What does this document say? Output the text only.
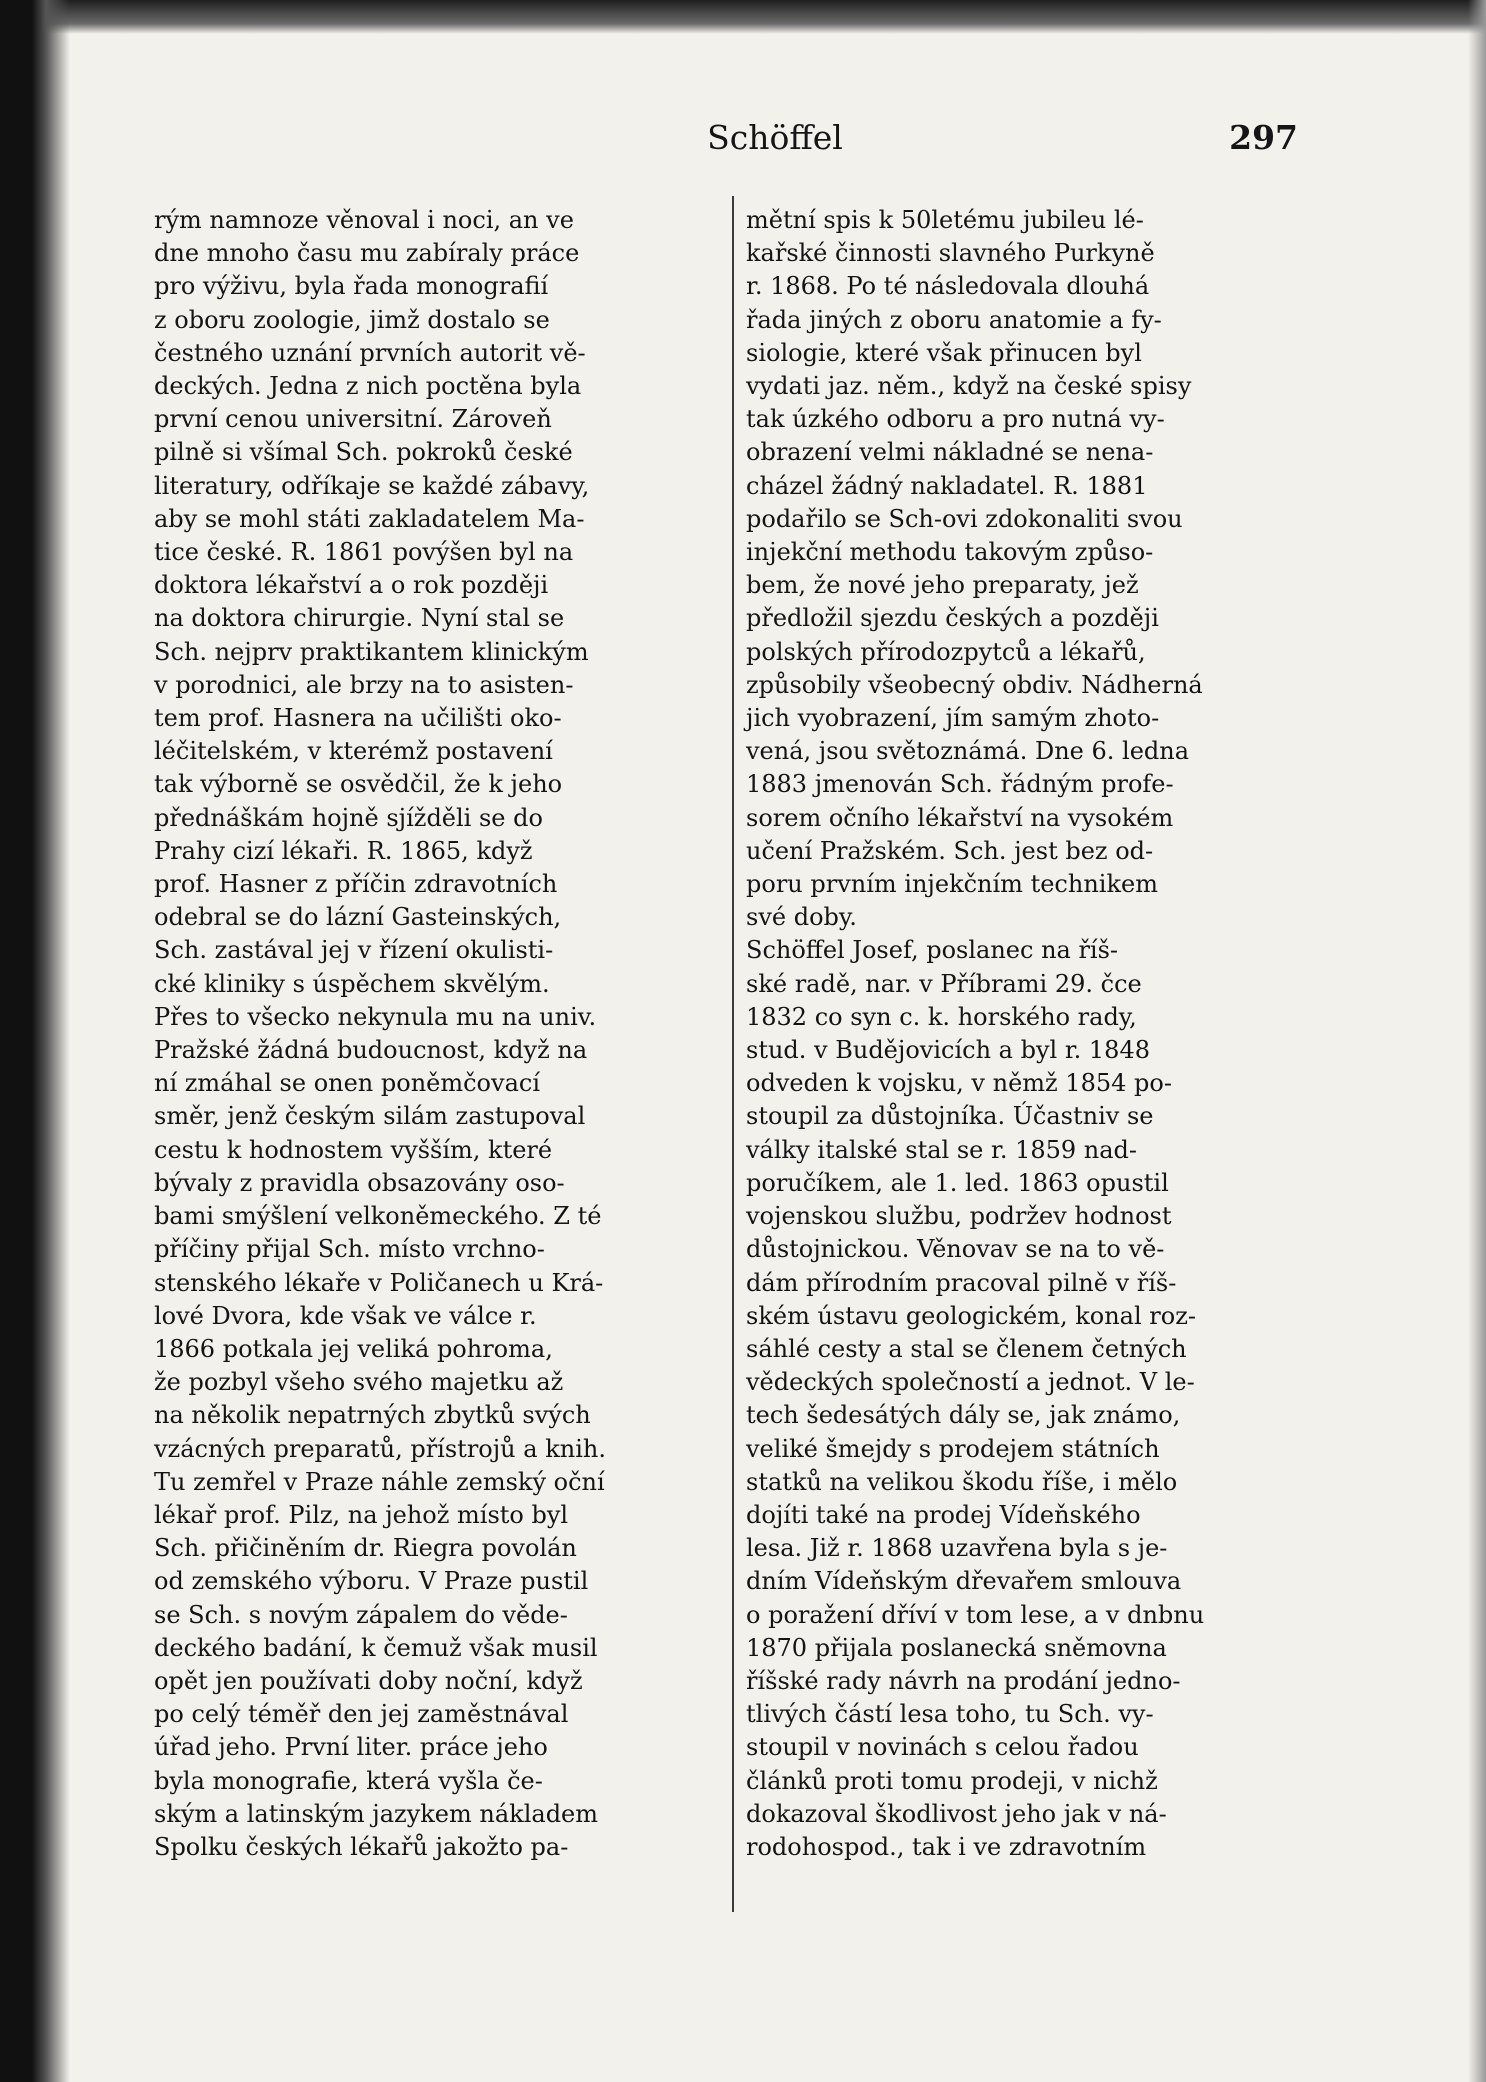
Schöffel	297
rým namnoze věnoval i noci, an ve
dne mnoho času mu zabíraly práce
pro výživu, byla řada monografií
z oboru zoologie, jimž dostalo se
čestného uznání prvních autorit vě-
deckých. Jedna z nich poctěna byla
první cenou universitní. Zároveň
pilně si všímal Sch. pokroků české
literatury, odříkaje se každé zábavy,
aby se mohl státi zakladatelem Ma-
tice české. R. 1861 povýšen byl na
doktora lékařství a o rok později
na doktora chirurgie. Nyní stal se
Sch. nejprv praktikantem klinickým
v porodnici, ale brzy na to asisten-
tem prof. Hasnera na učilišti oko-
léčitelském, v kterémž postavení
tak výborně se osvědčil, že k jeho
přednáškám hojně sjížděli se do
Prahy cizí lékaři. R. 1865, když
prof. Hasner z příčin zdravotních
odebral se do lázní Gasteinských,
Sch. zastával jej v řízení okulisti-
cké kliniky s úspěchem skvělým.
Přes to všecko nekynula mu na univ.
Pražské žádná budoucnost, když na
ní zmáhal se onen poněmčovací
směr, jenž českým silám zastupoval
cestu k hodnostem vyšším, které
bývaly z pravidla obsazovány oso-
bami smýšlení velkoněmeckého. Z té
příčiny přijal Sch. místo vrchno-
stenského lékaře v Poličanech u Krá-
lové Dvora, kde však ve válce r.
1866 potkala jej veliká pohroma,
že pozbyl všeho svého majetku až
na několik nepatrných zbytků svých
vzácných preparatů, přístrojů a knih.
Tu zemřel v Praze náhle zemský oční
lékař prof. Pilz, na jehož místo byl
Sch. přičiněním dr. Riegra povolán
od zemského výboru. V Praze pustil
se Sch. s novým zápalem do věde-
deckého badání, k čemuž však musil
opět jen používati doby noční, když
po celý téměř den jej zaměstnával
úřad jeho. První liter. práce jeho
byla monografie, která vyšla če-
ským a latinským jazykem nákladem
Spolku českých lékařů jakožto pa-
mětní spis k 50letému jubileu lé-
kařské činnosti slavného Purkyně
r. 1868. Po té následovala dlouhá
řada jiných z oboru anatomie a fy-
siologie, které však přinucen byl
vydati jaz. něm., když na české spisy
tak úzkého odboru a pro nutná vy-
obrazení velmi nákladné se nena-
cházel žádný nakladatel. R. 1881
podařilo se Sch-ovi zdokonaliti svou
injekční methodu takovým způso-
bem, že nové jeho preparaty, jež
předložil sjezdu českých a později
polských přírodozpytců a lékařů,
způsobily všeobecný obdiv. Nádherná
jich vyobrazení, jím samým zhoto-
vená, jsou světoznámá. Dne 6. ledna
1883 jmenován Sch. řádným profe-
sorem očního lékařství na vysokém
učení Pražském. Sch. jest bez od-
poru prvním injekčním technikem
své doby.
Schöffel Josef, poslanec na říš-
ské radě, nar. v Příbrami 29. čce
1832 co syn c. k. horského rady,
stud. v Budějovicích a byl r. 1848
odveden k vojsku, v němž 1854 po-
stoupil za důstojníka. Účastniv se
války italské stal se r. 1859 nad-
poručíkem, ale 1. led. 1863 opustil
vojenskou službu, podržev hodnost
důstojnickou. Věnovav se na to vě-
dám přírodním pracoval pilně v říš-
ském ústavu geologickém, konal roz-
sáhlé cesty a stal se členem četných
vědeckých společností a jednot. V le-
tech šedesátých dály se, jak známo,
veliké šmejdy s prodejem státních
statků na velikou škodu říše, i mělo
dojíti také na prodej Vídeňského
lesa. Již r. 1868 uzavřena byla s je-
dním Vídeňským dřevařem smlouva
o poražení dříví v tom lese, a v dnbnu
1870 přijala poslanecká sněmovna
říšské rady návrh na prodání jedno-
tlivých částí lesa toho, tu Sch. vy-
stoupil v novinách s celou řadou
článků proti tomu prodeji, v nichž
dokazoval škodlivost jeho jak v ná-
rodohospod., tak i ve zdravotním
